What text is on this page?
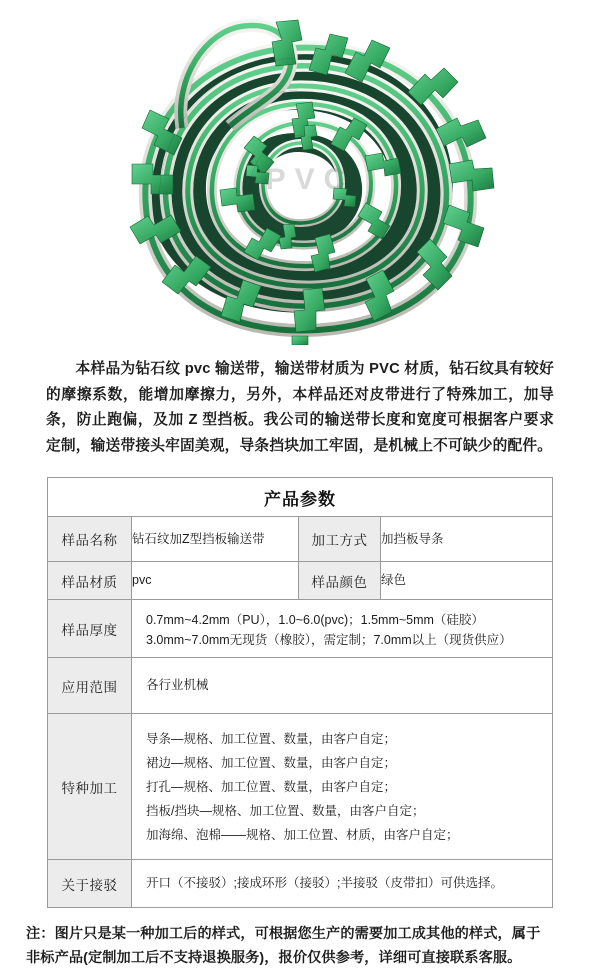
PVC

本样品为钻石纹 pvc 输送带，输送带材质为 PVC 材质，钻石纹具有较好的摩擦系数，能增加摩擦力，另外，本样品还对皮带进行了特殊加工，加导条，防止跑偏，及加 Z 型挡板。我公司的输送带长度和宽度可根据客户要求定制，输送带接头牢固美观，导条挡块加工牢固，是机械上不可缺少的配件。

产品参数			
样品名称	钻石纹加Z型挡板输送带	加工方式	加挡板导条
样品材质	pvc	样品颜色	绿色
样品厚度	0.7mm~4.2mm（PU），1.0~6.0(pvc)；1.5mm~5mm（硅胶）
3.0mm~7.0mm无现货（橡胶），需定制；7.0mm以上（现货供应）		

应用范围	各行业机械		
特种加工	导条—规格、加工位置、数量，由客户自定；
裙边—规格、加工位置、数量，由客户自定；
打孔—规格、加工位置、数量，由客户自定；
挡板/挡块—规格、加工位置、数量，由客户自定；
加海绵、泡棉——规格、加工位置、材质，由客户自定；		

关于接驳	开口（不接驳）;接成环形（接驳）;半接驳（皮带扣）可供选择。		

注：图片只是某一种加工后的样式，可根据您生产的需要加工成其他的样式，属于非标产品(定制加工后不支持退换服务)，报价仅供参考，详细可直接联系客服。
